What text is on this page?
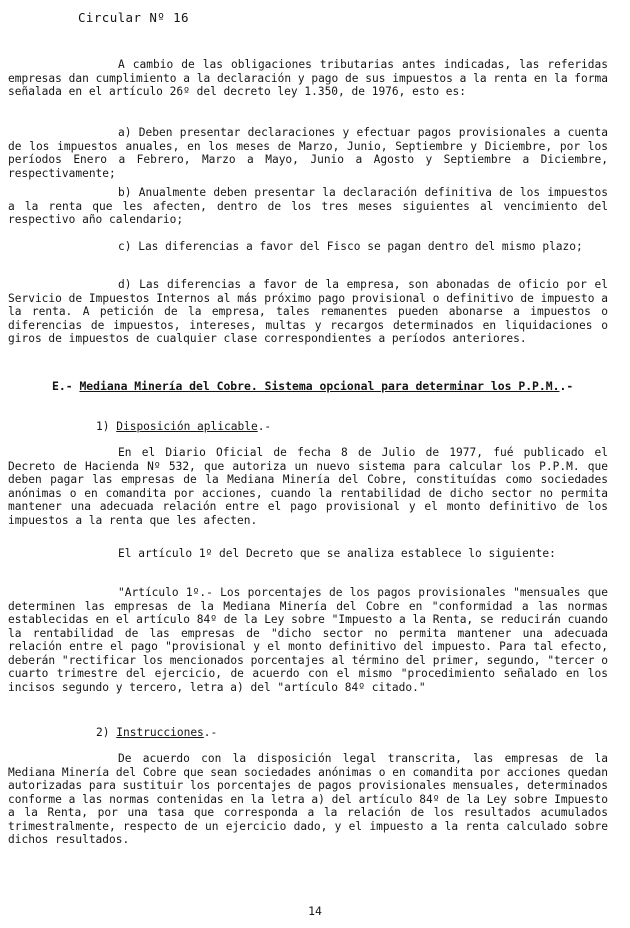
Circular Nº 16
A cambio de las obligaciones tributarias antes indicadas, las referidas empresas dan cumplimiento a la declaración y pago de sus impuestos a la renta en la forma señalada en el artículo 26º del decreto ley 1.350, de 1976, esto es:
a) Deben presentar declaraciones y efectuar pagos provisionales a cuenta de los impuestos anuales, en los meses de Marzo, Junio, Septiembre y Diciembre, por los períodos Enero a Febrero, Marzo a Mayo, Junio a Agosto y Septiembre a Diciembre, respectivamente;
b) Anualmente deben presentar la declaración definitiva de los impuestos a la renta que les afecten, dentro de los tres meses siguientes al vencimiento del respectivo año calendario;
c) Las diferencias a favor del Fisco se pagan dentro del mismo plazo;
d) Las diferencias a favor de la empresa, son abonadas de oficio por el Servicio de Impuestos Internos al más próximo pago provisional o definitivo de impuesto a la renta. A petición de la empresa, tales remanentes pueden abonarse a impuestos o diferencias de impuestos, intereses, multas y recargos determinados en liquidaciones o giros de impuestos de cualquier clase correspondientes a períodos anteriores.
E.- Mediana Minería del Cobre. Sistema opcional para determinar los P.P.M..-
1) Disposición aplicable.-
En el Diario Oficial de fecha 8 de Julio de 1977, fué publicado el Decreto de Hacienda Nº 532, que autoriza un nuevo sistema para calcular los P.P.M. que deben pagar las empresas de la Mediana Minería del Cobre, constituídas como sociedades anónimas o en comandita por acciones, cuando la rentabilidad de dicho sector no permita mantener una adecuada relación entre el pago provisional y el monto definitivo de los impuestos a la renta que les afecten.
El artículo 1º del Decreto que se analiza establece lo siguiente:
"Artículo 1º.- Los porcentajes de los pagos provisionales "mensuales que determinen las empresas de la Mediana Minería del Cobre en "conformidad a las normas establecidas en el artículo 84º de la Ley sobre "Impuesto a la Renta, se reducirán cuando la rentabilidad de las empresas de "dicho sector no permita mantener una adecuada relación entre el pago "provisional y el monto definitivo del impuesto. Para tal efecto, deberán "rectificar los mencionados porcentajes al término del primer, segundo, "tercer o cuarto trimestre del ejercicio, de acuerdo con el mismo "procedimiento señalado en los incisos segundo y tercero, letra a) del "artículo 84º citado."
2) Instrucciones.-
De acuerdo con la disposición legal transcrita, las empresas de la Mediana Minería del Cobre que sean sociedades anónimas o en comandita por acciones quedan autorizadas para sustituir los porcentajes de pagos provisionales mensuales, determinados conforme a las normas contenidas en la letra a) del artículo 84º de la Ley sobre Impuesto a la Renta, por una tasa que corresponda a la relación de los resultados acumulados trimestralmente, respecto de un ejercicio dado, y el impuesto a la renta calculado sobre dichos resultados.
14
